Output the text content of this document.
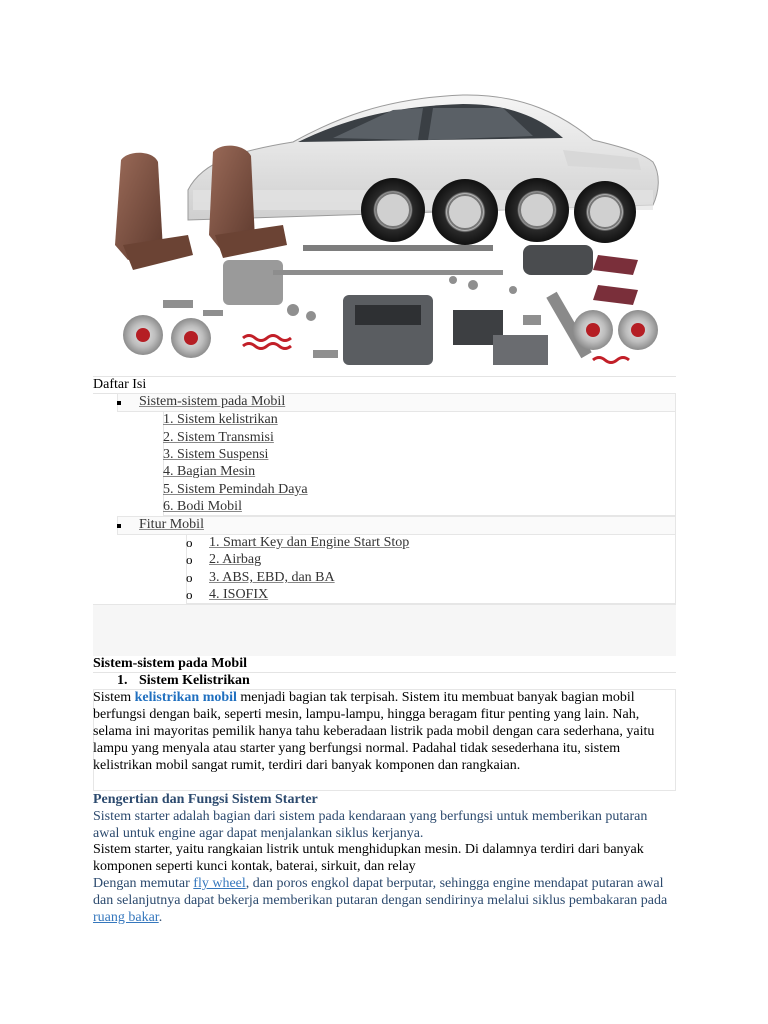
Daftar Isi
Sistem-sistem pada Mobil
1. Sistem kelistrikan
2. Sistem Transmisi
3. Sistem Suspensi
4. Bagian Mesin
5. Sistem Pemindah Daya
6. Bodi Mobil
Fitur Mobil
o 1. Smart Key dan Engine Start Stop
o 2. Airbag
o 3. ABS, EBD, dan BA
o 4. ISOFIX
Sistem-sistem pada Mobil
1. Sistem Kelistrikan

Sistem kelistrikan mobil menjadi bagian tak terpisah. Sistem itu membuat banyak bagian mobil berfungsi dengan baik, seperti mesin, lampu-lampu, hingga beragam fitur penting yang lain. Nah, selama ini mayoritas pemilik hanya tahu keberadaan listrik pada mobil dengan cara sederhana, yaitu lampu yang menyala atau starter yang berfungsi normal. Padahal tidak sesederhana itu, sistem kelistrikan mobil sangat rumit, terdiri dari banyak komponen dan rangkaian.

Pengertian dan Fungsi Sistem Starter

Sistem starter adalah bagian dari sistem pada kendaraan yang berfungsi untuk memberikan putaran awal untuk engine agar dapat menjalankan siklus kerjanya.

Sistem starter, yaitu rangkaian listrik untuk menghidupkan mesin. Di dalamnya terdiri dari banyak komponen seperti kunci kontak, baterai, sirkuit, dan relay

Dengan memutar fly wheel, dan poros engkol dapat berputar, sehingga engine mendapat putaran awal dan selanjutnya dapat bekerja memberikan putaran dengan sendirinya melalui siklus pembakaran pada ruang bakar.
